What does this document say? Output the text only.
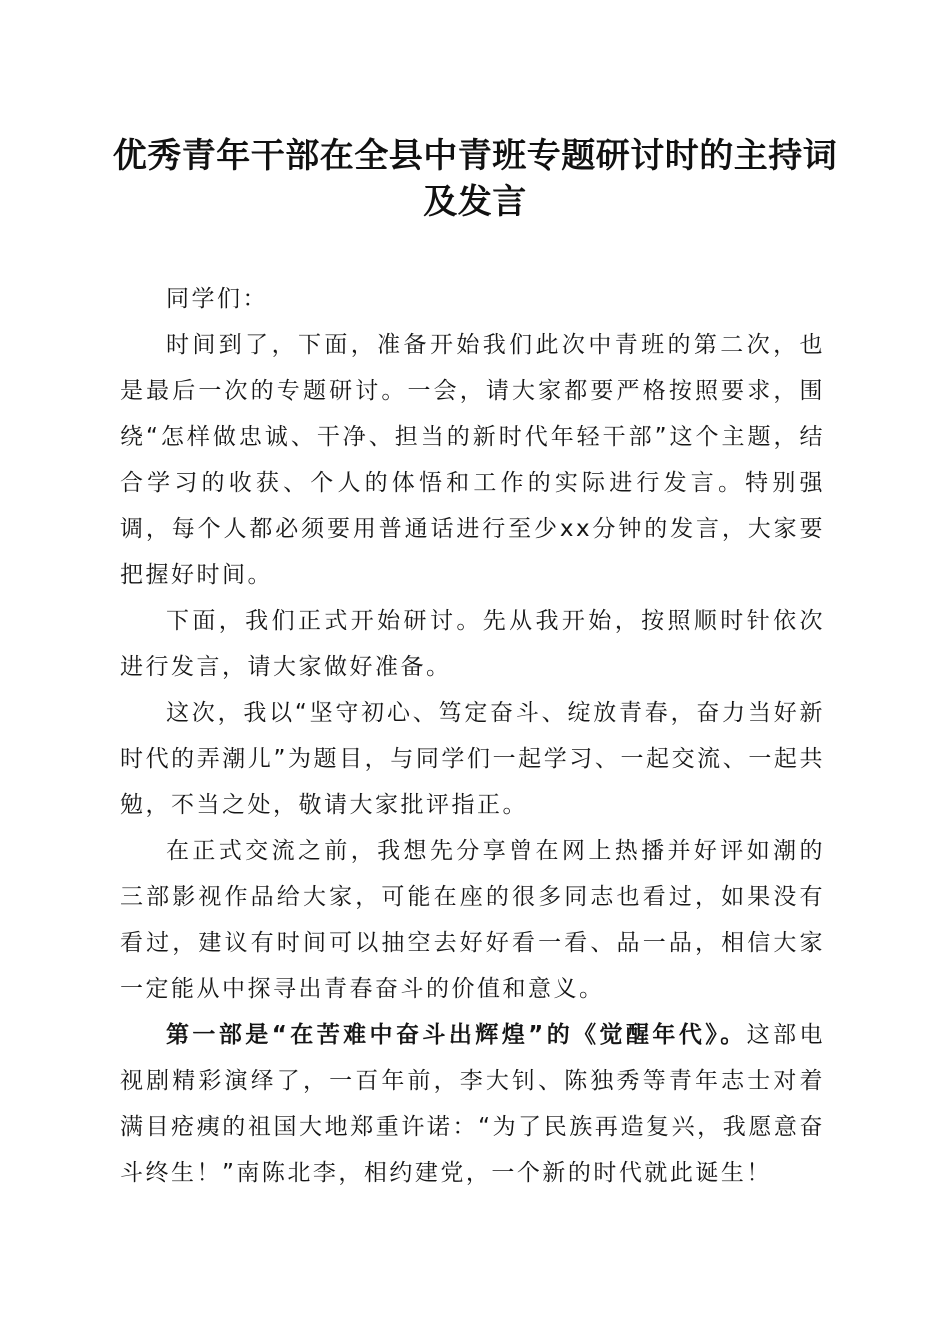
优秀青年干部在全县中青班专题研讨时的主持词及发言

同学们：

时间到了，下面，准备开始我们此次中青班的第二次，也是最后一次的专题研讨。一会，请大家都要严格按照要求，围绕“怎样做忠诚、干净、担当的新时代年轻干部”这个主题，结合学习的收获、个人的体悟和工作的实际进行发言。特别强调，每个人都必须要用普通话进行至少xx分钟的发言，大家要把握好时间。

下面，我们正式开始研讨。先从我开始，按照顺时针依次进行发言，请大家做好准备。

这次，我以“坚守初心、笃定奋斗、绽放青春，奋力当好新时代的弄潮儿”为题目，与同学们一起学习、一起交流、一起共勉，不当之处，敬请大家批评指正。

在正式交流之前，我想先分享曾在网上热播并好评如潮的三部影视作品给大家，可能在座的很多同志也看过，如果没有看过，建议有时间可以抽空去好好看一看、品一品，相信大家一定能从中探寻出青春奋斗的价值和意义。

第一部是“在苦难中奋斗出辉煌”的《觉醒年代》。这部电视剧精彩演绎了，一百年前，李大钊、陈独秀等青年志士对着满目疮痍的祖国大地郑重许诺：“为了民族再造复兴，我愿意奋斗终生！”南陈北李，相约建党，一个新的时代就此诞生！
